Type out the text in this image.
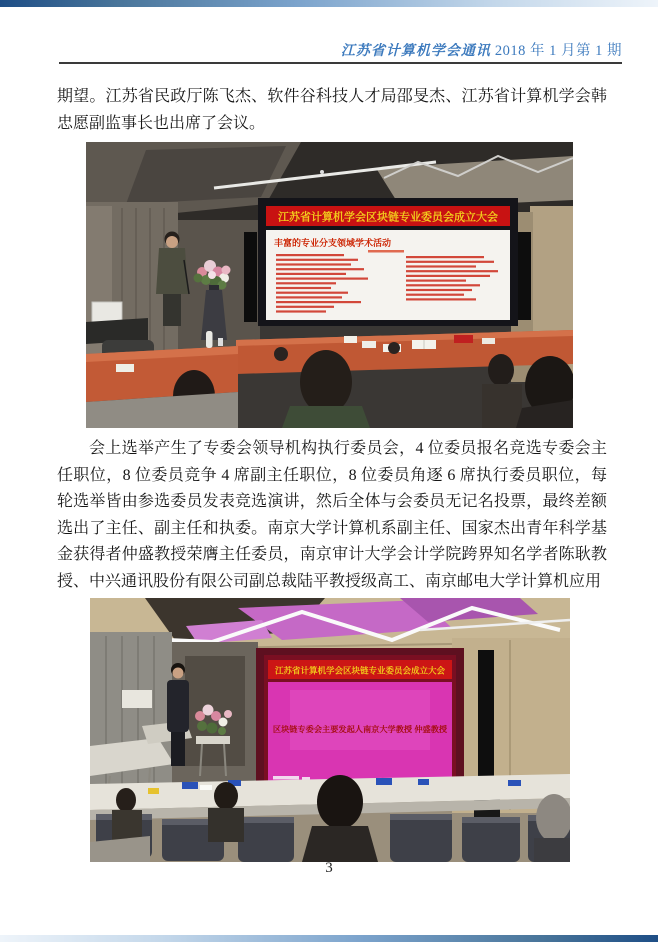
江苏省计算机学会通讯 2018 年 1 月第 1 期

期望。江苏省民政厅陈飞杰、软件谷科技人才局邵旻杰、江苏省计算机学会韩忠愿副监事长也出席了会议。

江苏省计算机学会区块链专业委员会成立大会
丰富的专业分支领域学术活动

会上选举产生了专委会领导机构执行委员会，4 位委员报名竞选专委会主任职位，8 位委员竞争 4 席副主任职位，8 位委员角逐 6 席执行委员职位，每轮选举皆由参选委员发表竞选演讲，然后全体与会委员无记名投票，最终差额选出了主任、副主任和执委。南京大学计算机系副主任、国家杰出青年科学基金获得者仲盛教授荣膺主任委员，南京审计大学会计学院跨界知名学者陈耿教授、中兴通讯股份有限公司副总裁陆平教授级高工、南京邮电大学计算机应用

江苏省计算机学会区块链专业委员会成立大会
区块链专委会主要发起人南京大学教授 仲盛教授
3
